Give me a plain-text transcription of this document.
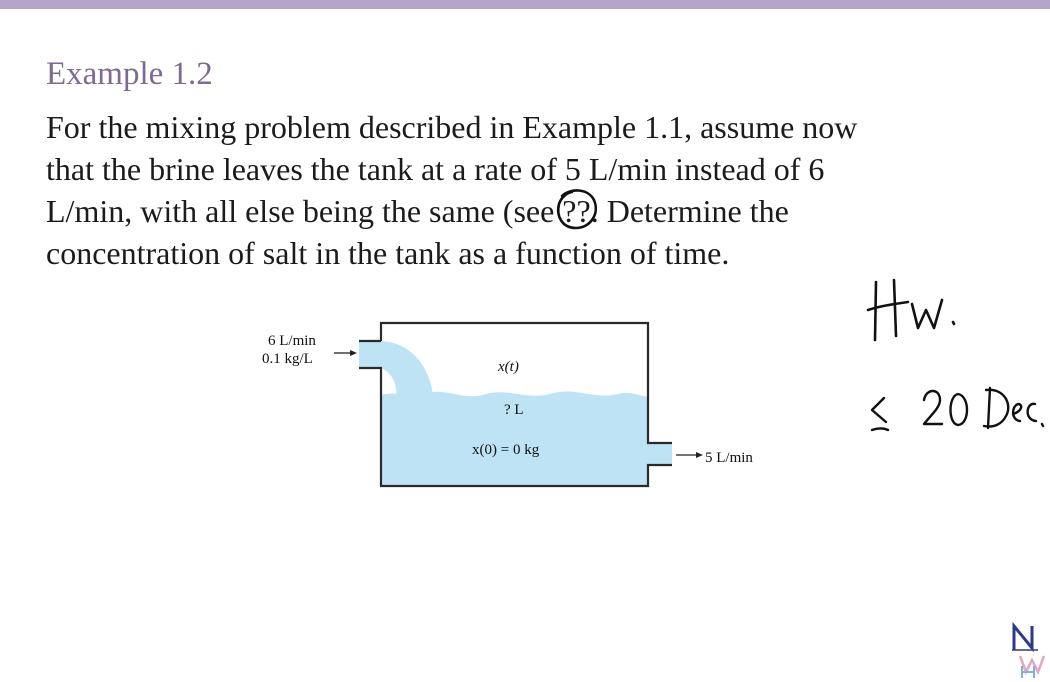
Example 1.2
For the mixing problem described in Example 1.1, assume now
that the brine leaves the tank at a rate of 5 L/min instead of 6
L/min, with all else being the same (see ??
. Determine the
concentration of salt in the tank as a function of time.
6 L/min
0.1 kg/L	x(t)
? L
x(0) = 0 kg	5 L/min
